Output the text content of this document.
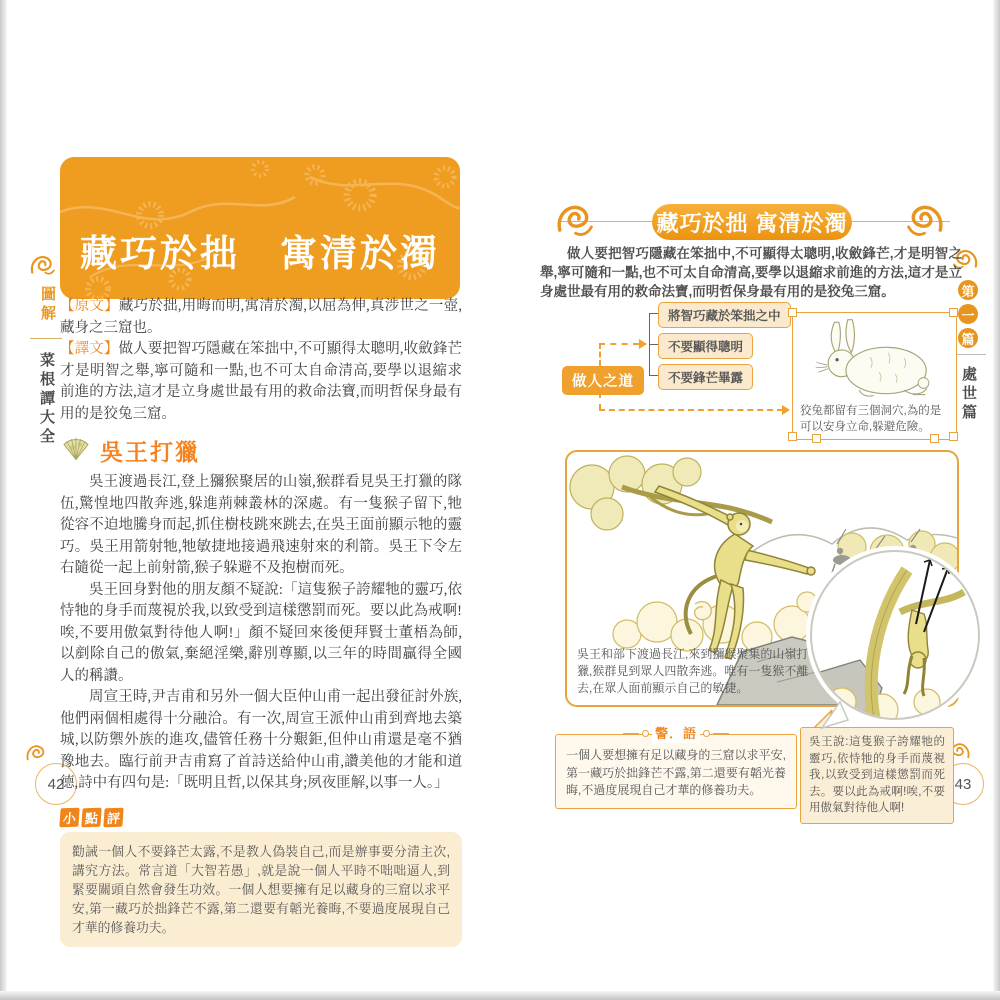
圖解
菜根譚大全
42
第
一
篇
處世篇
43
藏巧於拙　寓清於濁

【原文】藏巧於拙,用晦而明,寓清於濁,以屈為伸,真涉世之一壺,藏身之三窟也。

【譯文】做人要把智巧隱藏在笨拙中,不可顯得太聰明,收斂鋒芒才是明智之舉,寧可隨和一點,也不可太自命清高,要學以退縮求前進的方法,這才是立身處世最有用的救命法寶,而明哲保身最有用的是狡兔三窟。

吳王打獵

吳王渡過長江,登上獼猴聚居的山嶺,猴群看見吳王打獵的隊伍,驚惶地四散奔逃,躲進荊棘叢林的深處。有一隻猴子留下,牠從容不迫地騰身而起,抓住樹枝跳來跳去,在吳王面前顯示牠的靈巧。吳王用箭射牠,牠敏捷地接過飛速射來的利箭。吳王下令左右隨從一起上前射箭,猴子躲避不及抱樹而死。

吳王回身對他的朋友顏不疑說:「這隻猴子誇耀牠的靈巧,依恃牠的身手而蔑視於我,以致受到這樣懲罰而死。要以此為戒啊!唉,不要用傲氣對待他人啊!」顏不疑回來後便拜賢士董梧為師,以剷除自己的傲氣,棄絕淫樂,辭別尊顯,以三年的時間贏得全國人的稱讚。

周宣王時,尹吉甫和另外一個大臣仲山甫一起出發征討外族,他們兩個相處得十分融洽。有一次,周宣王派仲山甫到齊地去築城,以防禦外族的進攻,儘管任務十分艱鉅,但仲山甫還是毫不猶豫地去。臨行前尹吉甫寫了首詩送給仲山甫,讚美他的才能和道德,詩中有四句是:「既明且哲,以保其身;夙夜匪解,以事一人。」

小 點 評
勸誡一個人不要鋒芒太露,不是教人偽裝自己,而是辦事要分清主次,講究方法。常言道「大智若愚」,就是說一個人平時不咄咄逼人,到緊要關頭自然會發生功效。一個人想要擁有足以藏身的三窟以求平安,第一藏巧於拙鋒芒不露,第二還要有韜光養晦,不要過度展現自己才華的修養功夫。
藏巧於拙 寓清於濁

做人要把智巧隱藏在笨拙中,不可顯得太聰明,收斂鋒芒,才是明智之舉,寧可隨和一點,也不可太自命清高,要學以退縮求前進的方法,這才是立身處世最有用的救命法寶,而明哲保身最有用的是狡兔三窟。

將智巧藏於笨拙之中
不要顯得聰明
不要鋒芒畢露
做人之道
狡兔都留有三個洞穴,為的是可以安身立命,躲避危險。
吳王和部下渡過長江,來到獼猴聚集的山嶺打獵,猴群見到眾人四散奔逃。唯有一隻猴不離去,在眾人面前顯示自己的敏捷。
警．語
一個人要想擁有足以藏身的三窟以求平安,第一藏巧於拙鋒芒不露,第二還要有韜光養晦,不過度展現自己才華的修養功夫。
吳王說:這隻猴子誇耀牠的靈巧,依恃牠的身手而蔑視我,以致受到這樣懲罰而死去。要以此為戒啊!唉,不要用傲氣對待他人啊!
